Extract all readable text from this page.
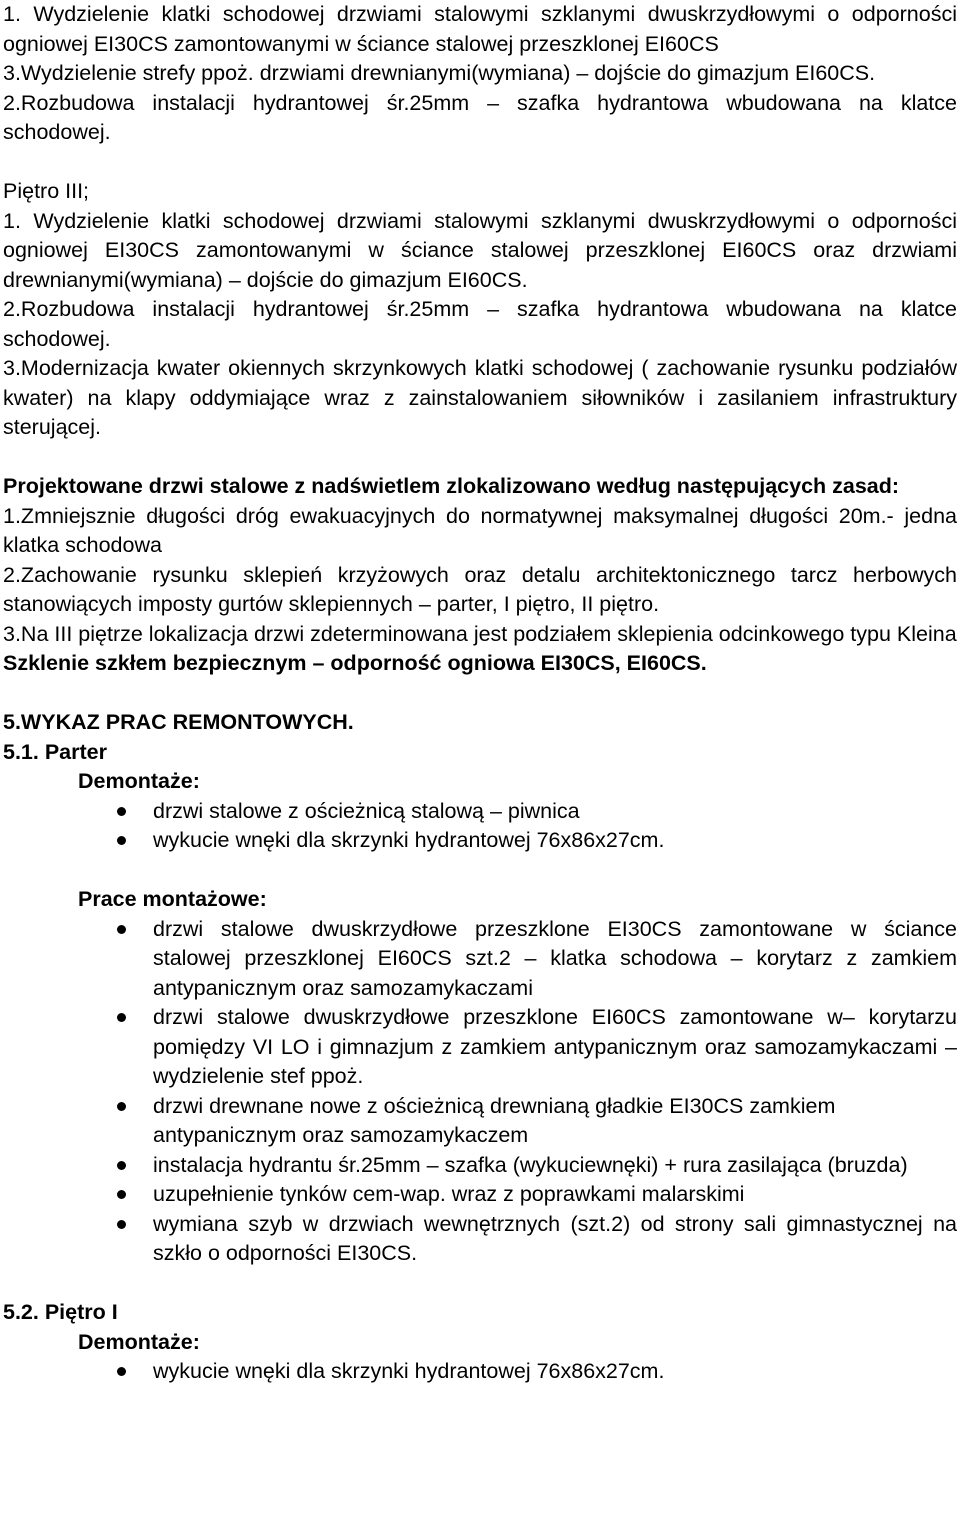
1. Wydzielenie klatki schodowej drzwiami stalowymi szklanymi dwuskrzydłowymi o odporności ogniowej EI30CS zamontowanymi w ściance stalowej przeszklonej EI60CS

3.Wydzielenie strefy ppoż. drzwiami drewnianymi(wymiana) – dojście do gimazjum EI60CS.

2.Rozbudowa instalacji hydrantowej śr.25mm – szafka hydrantowa wbudowana na klatce schodowej.

Piętro III;

1. Wydzielenie klatki schodowej drzwiami stalowymi szklanymi dwuskrzydłowymi o odporności ogniowej EI30CS zamontowanymi w ściance stalowej przeszklonej EI60CS oraz drzwiami drewnianymi(wymiana) – dojście do gimazjum EI60CS.

2.Rozbudowa instalacji hydrantowej śr.25mm – szafka hydrantowa wbudowana na klatce schodowej.

3.Modernizacja kwater okiennych skrzynkowych klatki schodowej ( zachowanie rysunku podziałów kwater) na klapy oddymiające wraz z zainstalowaniem siłowników i zasilaniem infrastruktury sterującej.

Projektowane drzwi stalowe z nadświetlem zlokalizowano według następujących zasad:

1.Zmniejsznie długości dróg ewakuacyjnych do normatywnej maksymalnej długości 20m.- jedna klatka schodowa

2.Zachowanie rysunku sklepień krzyżowych oraz detalu architektonicznego tarcz herbowych stanowiących imposty gurtów sklepiennych – parter, I piętro, II piętro.

3.Na III piętrze lokalizacja drzwi zdeterminowana jest podziałem sklepienia odcinkowego typu Kleina

Szklenie szkłem bezpiecznym – odporność ogniowa EI30CS, EI60CS.

5.WYKAZ PRAC REMONTOWYCH.

5.1. Parter

Demontaże:

drzwi stalowe z ościeżnicą stalową – piwnica
wykucie wnęki dla skrzynki hydrantowej 76x86x27cm.

Prace montażowe:

drzwi stalowe dwuskrzydłowe przeszklone EI30CS zamontowane w ściance stalowej przeszklonej EI60CS szt.2 – klatka schodowa – korytarz z zamkiem antypanicznym oraz samozamykaczami
drzwi stalowe dwuskrzydłowe przeszklone EI60CS zamontowane w– korytarzu pomiędzy VI LO i gimnazjum z zamkiem antypanicznym oraz samozamykaczami – wydzielenie stef ppoż.
drzwi drewnane nowe z ościeżnicą drewnianą gładkie EI30CS zamkiem antypanicznym oraz samozamykaczem
instalacja hydrantu śr.25mm – szafka (wykuciewnęki) + rura zasilająca (bruzda)
uzupełnienie tynków cem-wap. wraz z poprawkami malarskimi
wymiana szyb w drzwiach wewnętrznych (szt.2) od strony sali gimnastycznej na szkło o odporności EI30CS.

5.2. Piętro I

Demontaże:

wykucie wnęki dla skrzynki hydrantowej 76x86x27cm.
